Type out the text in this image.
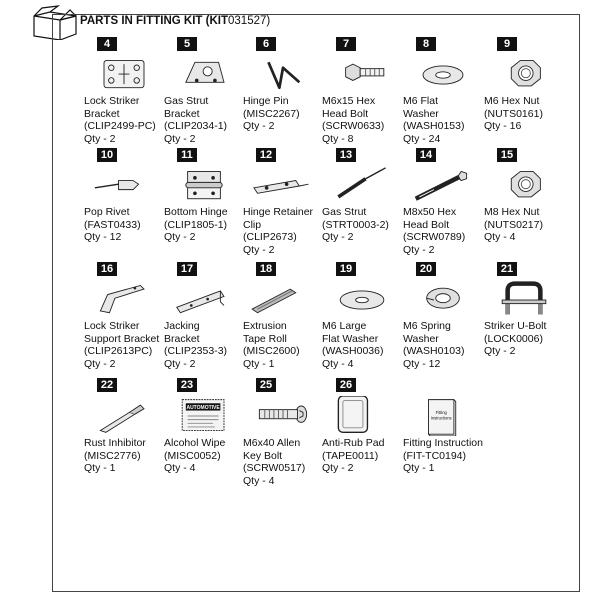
PARTS IN FITTING KIT (KIT031527)
4
Lock Striker
Bracket
(CLIP2499-PC)
Qty - 2
5
Gas Strut
Bracket
(CLIP2034-1)
Qty - 2
6
Hinge Pin
(MISC2267)
Qty - 2
7
M6x15 Hex
Head Bolt
(SCRW0633)
Qty - 8
8
M6 Flat
Washer
(WASH0153)
Qty - 24
9
M6 Hex Nut
(NUTS0161)
Qty - 16
10
Pop Rivet
(FAST0433)
Qty - 12
11
Bottom Hinge
(CLIP1805-1)
Qty - 2
12
Hinge Retainer
Clip
(CLIP2673)
Qty - 2
13
Gas Strut
(STRT0003-2)
Qty - 2
14
M8x50 Hex
Head Bolt
(SCRW0789)
Qty - 2
15
M8 Hex Nut
(NUTS0217)
Qty - 4
16
Lock Striker
Support Bracket
(CLIP2613PC)
Qty - 2
17
Jacking
Bracket
(CLIP2353-3)
Qty - 2
18
Extrusion
Tape Roll
(MISC2600)
Qty - 1
19
M6 Large
Flat Washer
(WASH0036)
Qty - 4
20
M6 Spring
Washer
(WASH0103)
Qty - 12
21
Striker U-Bolt
(LOCK0006)
Qty - 2
22
Rust Inhibitor
(MISC2776)
Qty - 1
23
AUTOMOTIVE
Alcohol Wipe
(MISC0052)
Qty - 4
25
M6x40 Allen
Key Bolt
(SCRW0517)
Qty - 4
26
Anti-Rub Pad
(TAPE0011)
Qty - 2
Fitting
Instructions
Fitting Instruction
(FIT-TC0194)
Qty - 1
